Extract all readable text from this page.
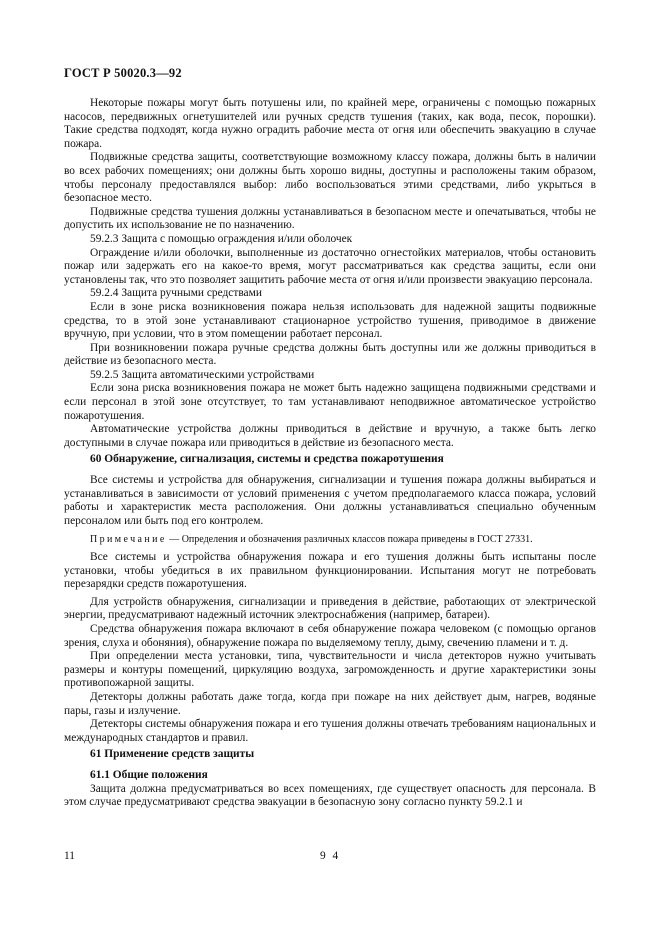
ГОСТ Р 50020.3—92

Некоторые пожары могут быть потушены или, по крайней мере, ограничены с помощью пожарных насосов, передвижных огнетушителей или ручных средств тушения (таких, как вода, песок, порошки). Такие средства подходят, когда нужно оградить рабочие места от огня или обеспечить эвакуацию в случае пожара.

Подвижные средства защиты, соответствующие возможному классу пожара, должны быть в наличии во всех рабочих помещениях; они должны быть хорошо видны, доступны и расположены таким образом, чтобы персоналу предоставлялся выбор: либо воспользоваться этими средствами, либо укрыться в безопасное место.

Подвижные средства тушения должны устанавливаться в безопасном месте и опечатываться, чтобы не допустить их использование не по назначению.

59.2.3 Защита с помощью ограждения и/или оболочек

Ограждение и/или оболочки, выполненные из достаточно огнестойких материалов, чтобы остановить пожар или задержать его на какое-то время, могут рассматриваться как средства защиты, если они установлены так, что это позволяет защитить рабочие места от огня и/или произвести эвакуацию персонала.

59.2.4 Защита ручными средствами

Если в зоне риска возникновения пожара нельзя использовать для надежной защиты подвижные средства, то в этой зоне устанавливают стационарное устройство тушения, приводимое в движение вручную, при условии, что в этом помещении работает персонал.

При возникновении пожара ручные средства должны быть доступны или же должны приводиться в действие из безопасного места.

59.2.5 Защита автоматическими устройствами

Если зона риска возникновения пожара не может быть надежно защищена подвижными средствами и если персонал в этой зоне отсутствует, то там устанавливают неподвижное автоматическое устройство пожаротушения.

Автоматические устройства должны приводиться в действие и вручную, а также быть легко доступными в случае пожара или приводиться в действие из безопасного места.

60 Обнаружение, сигнализация, системы и средства пожаротушения

Все системы и устройства для обнаружения, сигнализации и тушения пожара должны выбираться и устанавливаться в зависимости от условий применения с учетом предполагаемого класса пожара, условий работы и характеристик места расположения. Они должны устанавливаться специально обученным персоналом или быть под его контролем.

Примечание — Определения и обозначения различных классов пожара приведены в ГОСТ 27331.

Все системы и устройства обнаружения пожара и его тушения должны быть испытаны после установки, чтобы убедиться в их правильном функционировании. Испытания могут не потребовать перезарядки средств пожаротушения.

Для устройств обнаружения, сигнализации и приведения в действие, работающих от электрической энергии, предусматривают надежный источник электроснабжения (например, батареи).

Средства обнаружения пожара включают в себя обнаружение пожара человеком (с помощью органов зрения, слуха и обоняния), обнаружение пожара по выделяемому теплу, дыму, свечению пламени и т. д.

При определении места установки, типа, чувствительности и числа детекторов нужно учитывать размеры и контуры помещений, циркуляцию воздуха, загроможденность и другие характеристики зоны противопожарной защиты.

Детекторы должны работать даже тогда, когда при пожаре на них действует дым, нагрев, водяные пары, газы и излучение.

Детекторы системы обнаружения пожара и его тушения должны отвечать требованиям национальных и международных стандартов и правил.

61 Применение средств защиты
61.1 Общие положения

Защита должна предусматриваться во всех помещениях, где существует опасность для персонала. В этом случае предусматривают средства эвакуации в безопасную зону согласно пункту 59.2.1 и

11	9 4
